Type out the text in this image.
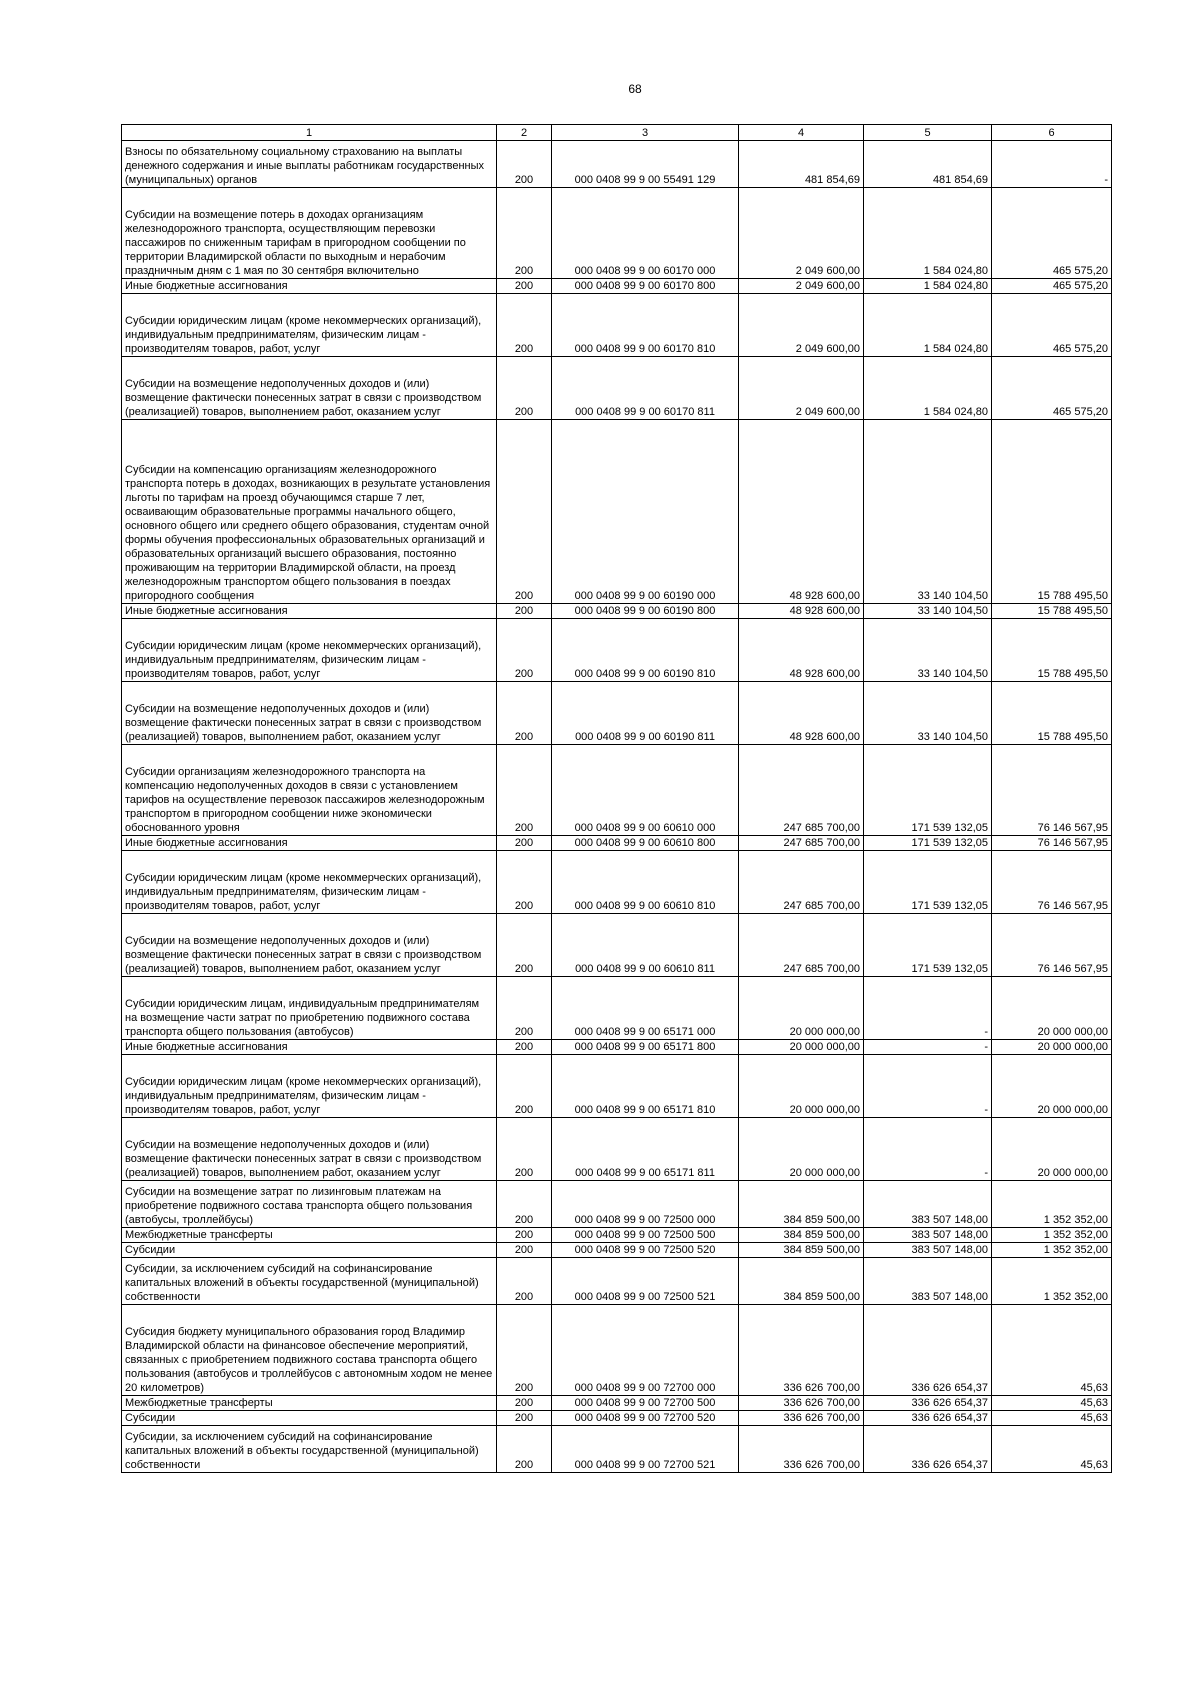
68
1	2	3	4	5	6
Взносы по обязательному социальному страхованию на выплаты денежного содержания и иные выплаты работникам государственных (муниципальных) органов	200	000 0408 99 9 00 55491 129	481 854,69	481 854,69	-
Субсидии на возмещение потерь в доходах организациям железнодорожного транспорта, осуществляющим перевозки пассажиров по сниженным тарифам в пригородном сообщении по территории Владимирской области по выходным и нерабочим праздничным дням с 1 мая по 30 сентября включительно	200	000 0408 99 9 00 60170 000	2 049 600,00	1 584 024,80	465 575,20
Иные бюджетные ассигнования	200	000 0408 99 9 00 60170 800	2 049 600,00	1 584 024,80	465 575,20
Субсидии юридическим лицам (кроме некоммерческих организаций), индивидуальным предпринимателям, физическим лицам - производителям товаров, работ, услуг	200	000 0408 99 9 00 60170 810	2 049 600,00	1 584 024,80	465 575,20
Субсидии на возмещение недополученных доходов и (или) возмещение фактически понесенных затрат в связи с производством (реализацией) товаров, выполнением работ, оказанием услуг	200	000 0408 99 9 00 60170 811	2 049 600,00	1 584 024,80	465 575,20
Субсидии на компенсацию организациям железнодорожного транспорта потерь в доходах, возникающих в результате установления льготы по тарифам на проезд обучающимся старше 7 лет, осваивающим образовательные программы начального общего, основного общего или среднего общего образования, студентам очной формы обучения профессиональных образовательных организаций и образовательных организаций высшего образования, постоянно проживающим на территории Владимирской области, на проезд железнодорожным транспортом общего пользования в поездах пригородного сообщения	200	000 0408 99 9 00 60190 000	48 928 600,00	33 140 104,50	15 788 495,50
Иные бюджетные ассигнования	200	000 0408 99 9 00 60190 800	48 928 600,00	33 140 104,50	15 788 495,50
Субсидии юридическим лицам (кроме некоммерческих организаций), индивидуальным предпринимателям, физическим лицам - производителям товаров, работ, услуг	200	000 0408 99 9 00 60190 810	48 928 600,00	33 140 104,50	15 788 495,50
Субсидии на возмещение недополученных доходов и (или) возмещение фактически понесенных затрат в связи с производством (реализацией) товаров, выполнением работ, оказанием услуг	200	000 0408 99 9 00 60190 811	48 928 600,00	33 140 104,50	15 788 495,50
Субсидии организациям железнодорожного транспорта на компенсацию недополученных доходов в связи с установлением тарифов на осуществление перевозок пассажиров железнодорожным транспортом в пригородном сообщении ниже экономически обоснованного уровня	200	000 0408 99 9 00 60610 000	247 685 700,00	171 539 132,05	76 146 567,95
Иные бюджетные ассигнования	200	000 0408 99 9 00 60610 800	247 685 700,00	171 539 132,05	76 146 567,95
Субсидии юридическим лицам (кроме некоммерческих организаций), индивидуальным предпринимателям, физическим лицам - производителям товаров, работ, услуг	200	000 0408 99 9 00 60610 810	247 685 700,00	171 539 132,05	76 146 567,95
Субсидии на возмещение недополученных доходов и (или) возмещение фактически понесенных затрат в связи с производством (реализацией) товаров, выполнением работ, оказанием услуг	200	000 0408 99 9 00 60610 811	247 685 700,00	171 539 132,05	76 146 567,95
Субсидии юридическим лицам, индивидуальным предпринимателям на возмещение части затрат по приобретению подвижного состава транспорта общего пользования (автобусов)	200	000 0408 99 9 00 65171 000	20 000 000,00	-	20 000 000,00
Иные бюджетные ассигнования	200	000 0408 99 9 00 65171 800	20 000 000,00	-	20 000 000,00
Субсидии юридическим лицам (кроме некоммерческих организаций), индивидуальным предпринимателям, физическим лицам - производителям товаров, работ, услуг	200	000 0408 99 9 00 65171 810	20 000 000,00	-	20 000 000,00
Субсидии на возмещение недополученных доходов и (или) возмещение фактически понесенных затрат в связи с производством (реализацией) товаров, выполнением работ, оказанием услуг	200	000 0408 99 9 00 65171 811	20 000 000,00	-	20 000 000,00
Субсидии на возмещение затрат по лизинговым платежам на приобретение подвижного состава транспорта общего пользования (автобусы, троллейбусы)	200	000 0408 99 9 00 72500 000	384 859 500,00	383 507 148,00	1 352 352,00
Межбюджетные трансферты	200	000 0408 99 9 00 72500 500	384 859 500,00	383 507 148,00	1 352 352,00
Субсидии	200	000 0408 99 9 00 72500 520	384 859 500,00	383 507 148,00	1 352 352,00
Субсидии, за исключением субсидий на софинансирование капитальных вложений в объекты государственной (муниципальной) собственности	200	000 0408 99 9 00 72500 521	384 859 500,00	383 507 148,00	1 352 352,00
Субсидия бюджету муниципального образования город Владимир Владимирской области на финансовое обеспечение мероприятий, связанных с приобретением подвижного состава транспорта общего пользования (автобусов и троллейбусов с автономным ходом не менее 20 километров)	200	000 0408 99 9 00 72700 000	336 626 700,00	336 626 654,37	45,63
Межбюджетные трансферты	200	000 0408 99 9 00 72700 500	336 626 700,00	336 626 654,37	45,63
Субсидии	200	000 0408 99 9 00 72700 520	336 626 700,00	336 626 654,37	45,63
Субсидии, за исключением субсидий на софинансирование капитальных вложений в объекты государственной (муниципальной) собственности	200	000 0408 99 9 00 72700 521	336 626 700,00	336 626 654,37	45,63
